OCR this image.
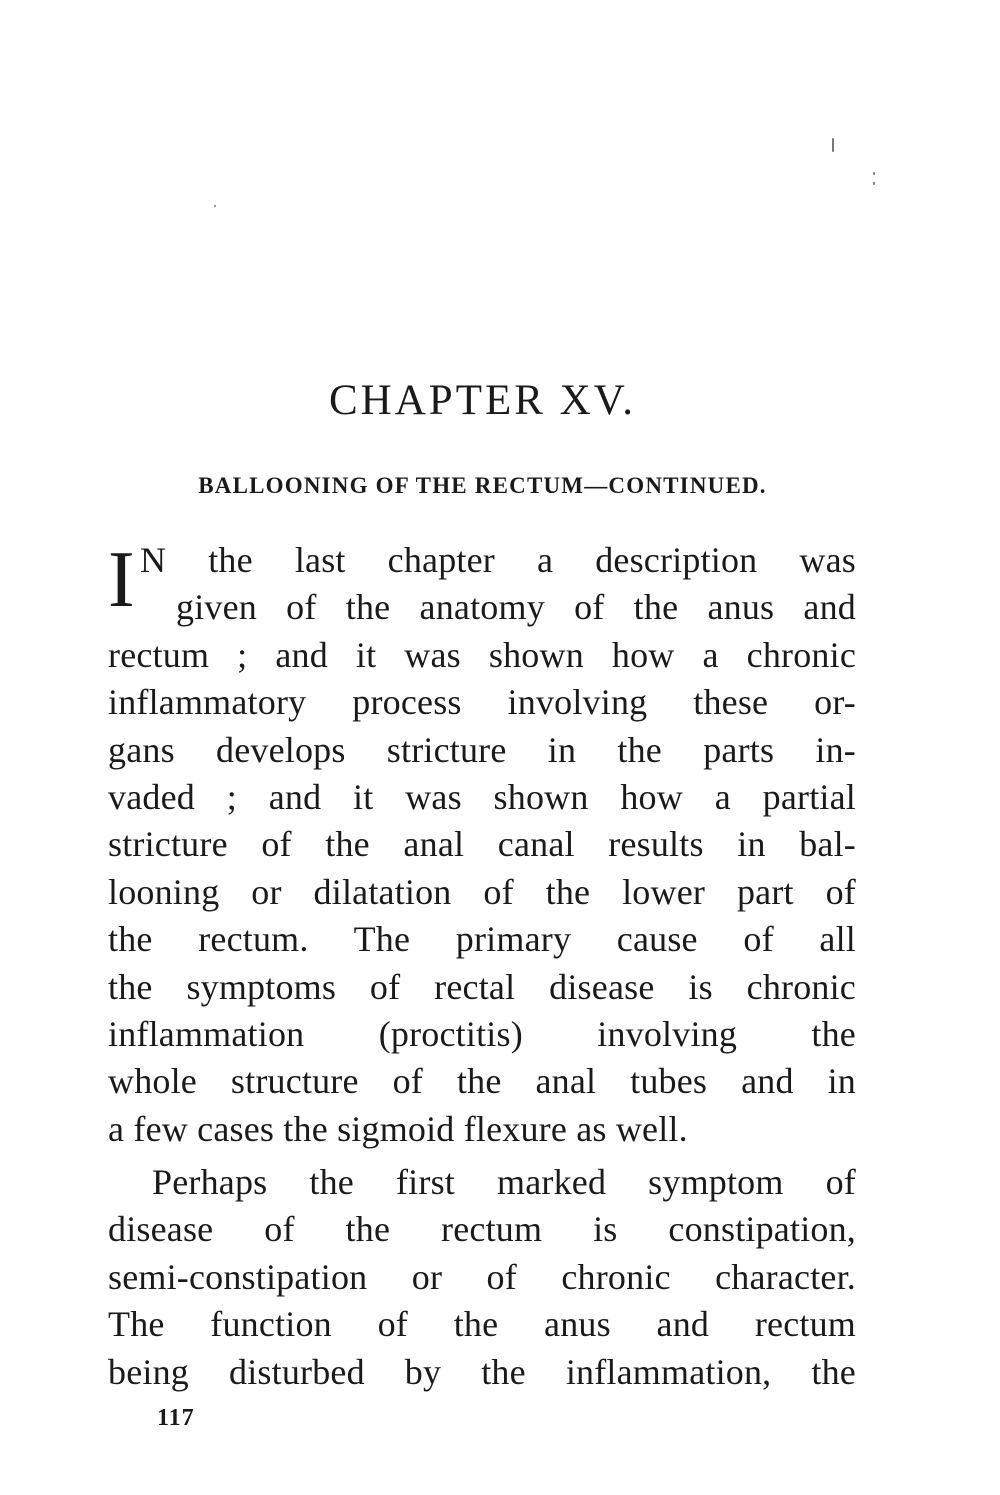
CHAPTER XV.
BALLOONING OF THE RECTUM—CONTINUED.
I N the last chapter a description was
given of the anatomy of the anus and
rectum ; and it was shown how a chronic
inflammatory process involving these or-
gans develops stricture in the parts in-
vaded ; and it was shown how a partial
stricture of the anal canal results in bal-
looning or dilatation of the lower part of
the rectum. The primary cause of all
the symptoms of rectal disease is chronic
inflammation (proctitis) involving the
whole structure of the anal tubes and in
a few cases the sigmoid flexure as well.

Perhaps the first marked symptom of
disease of the rectum is constipation,
semi-constipation or of chronic character.
The function of the anus and rectum
being disturbed by the inflammation, the

117
